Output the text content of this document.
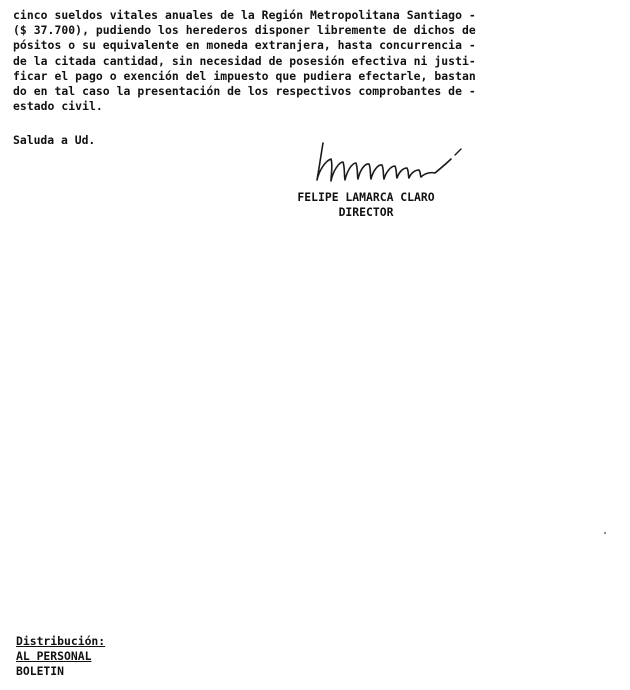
cinco sueldos vitales anuales de la Región Metropolitana Santiago -
($ 37.700), pudiendo los herederos disponer libremente de dichos de
pósitos o su equivalente en moneda extranjera, hasta concurrencia -
de la citada cantidad, sin necesidad de posesión efectiva ni justi-
ficar el pago o exención del impuesto que pudiera efectarle, bastan
do en tal caso la presentación de los respectivos comprobantes de -
estado civil.
Saluda a Ud.
FELIPE LAMARCA CLARO
DIRECTOR
Distribución:
AL PERSONAL
BOLETIN
